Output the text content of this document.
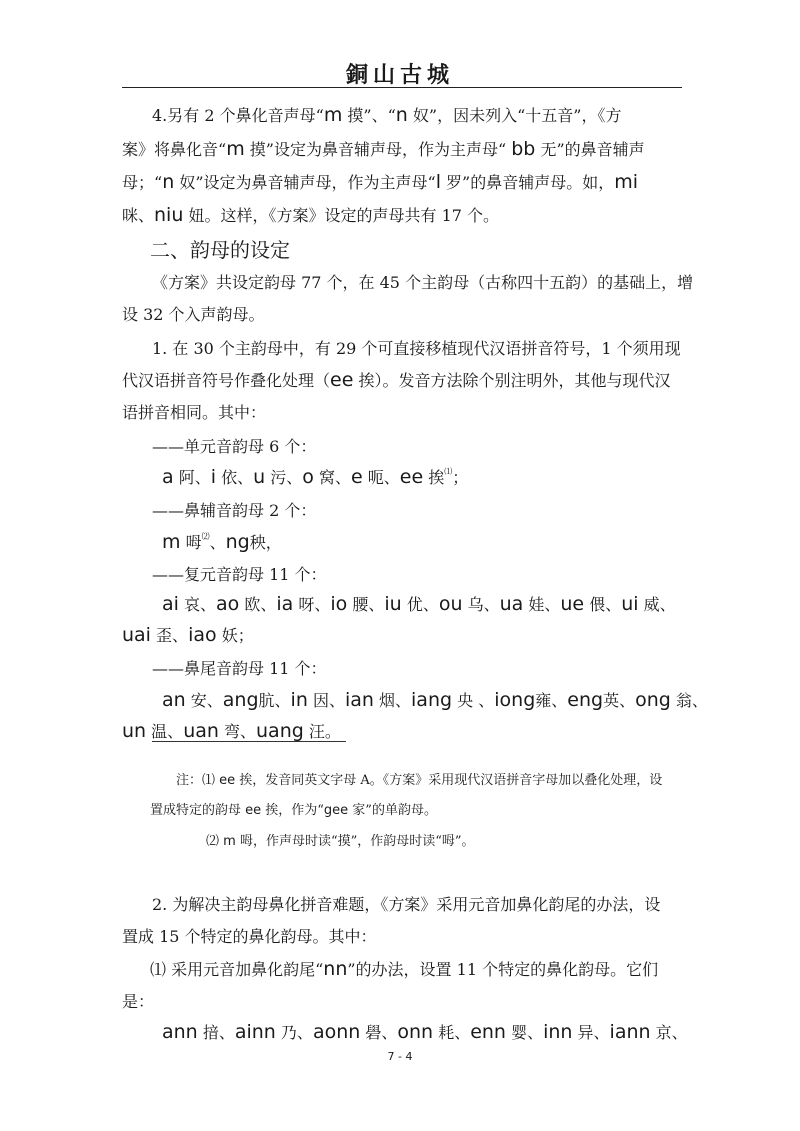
銅山古城
4.另有 2 个鼻化音声母“m 摸”、“n 奴”，因未列入“十五音”，《方
案》将鼻化音“m 摸”设定为鼻音辅声母，作为主声母“ bb 无”的鼻音辅声
母；“n 奴”设定为鼻音辅声母，作为主声母“l 罗”的鼻音辅声母。如，mi
咪、niu 妞。这样，《方案》设定的声母共有 17 个。
二、韵母的设定
《方案》共设定韵母 77 个，在 45 个主韵母（古称四十五韵）的基础上，增
设 32 个入声韵母。
1. 在 30 个主韵母中，有 29 个可直接移植现代汉语拼音符号，1 个须用现
代汉语拼音符号作叠化处理（ee 挨）。发音方法除个别注明外，其他与现代汉
语拼音相同。其中：
——单元音韵母 6 个：
a 阿、i 依、u 污、o 窝、e 呃、ee 挨⑴；
——鼻辅音韵母 2 个：
m 呣⑵、ng秧，
——复元音韵母 11 个：
ai 哀、ao 欧、ia 呀、io 腰、iu 优、ou 乌、ua 娃、ue 偎、ui 威、
uai 歪、iao 妖；
——鼻尾音韵母 11 个：
an 安、ang肮、in 因、ian 烟、iang 央 、iong雍、eng英、ong 翁、
un 温、uan 弯、uang 汪。
注：⑴ ee 挨，发音同英文字母 A。《方案》采用现代汉语拼音字母加以叠化处理，设
置成特定的韵母 ee 挨，作为“gee 家”的单韵母。
⑵ m 呣，作声母时读“摸”，作韵母时读“呣”。
2. 为解决主韵母鼻化拼音难题，《方案》采用元音加鼻化韵尾的办法，设
置成 15 个特定的鼻化韵母。其中：
⑴ 采用元音加鼻化韵尾“nn”的办法，设置 11 个特定的鼻化韵母。它们
是：
ann 揞、ainn 乃、aonn 礐、onn 耗、enn 婴、inn 异、iann 京、
7 - 4
